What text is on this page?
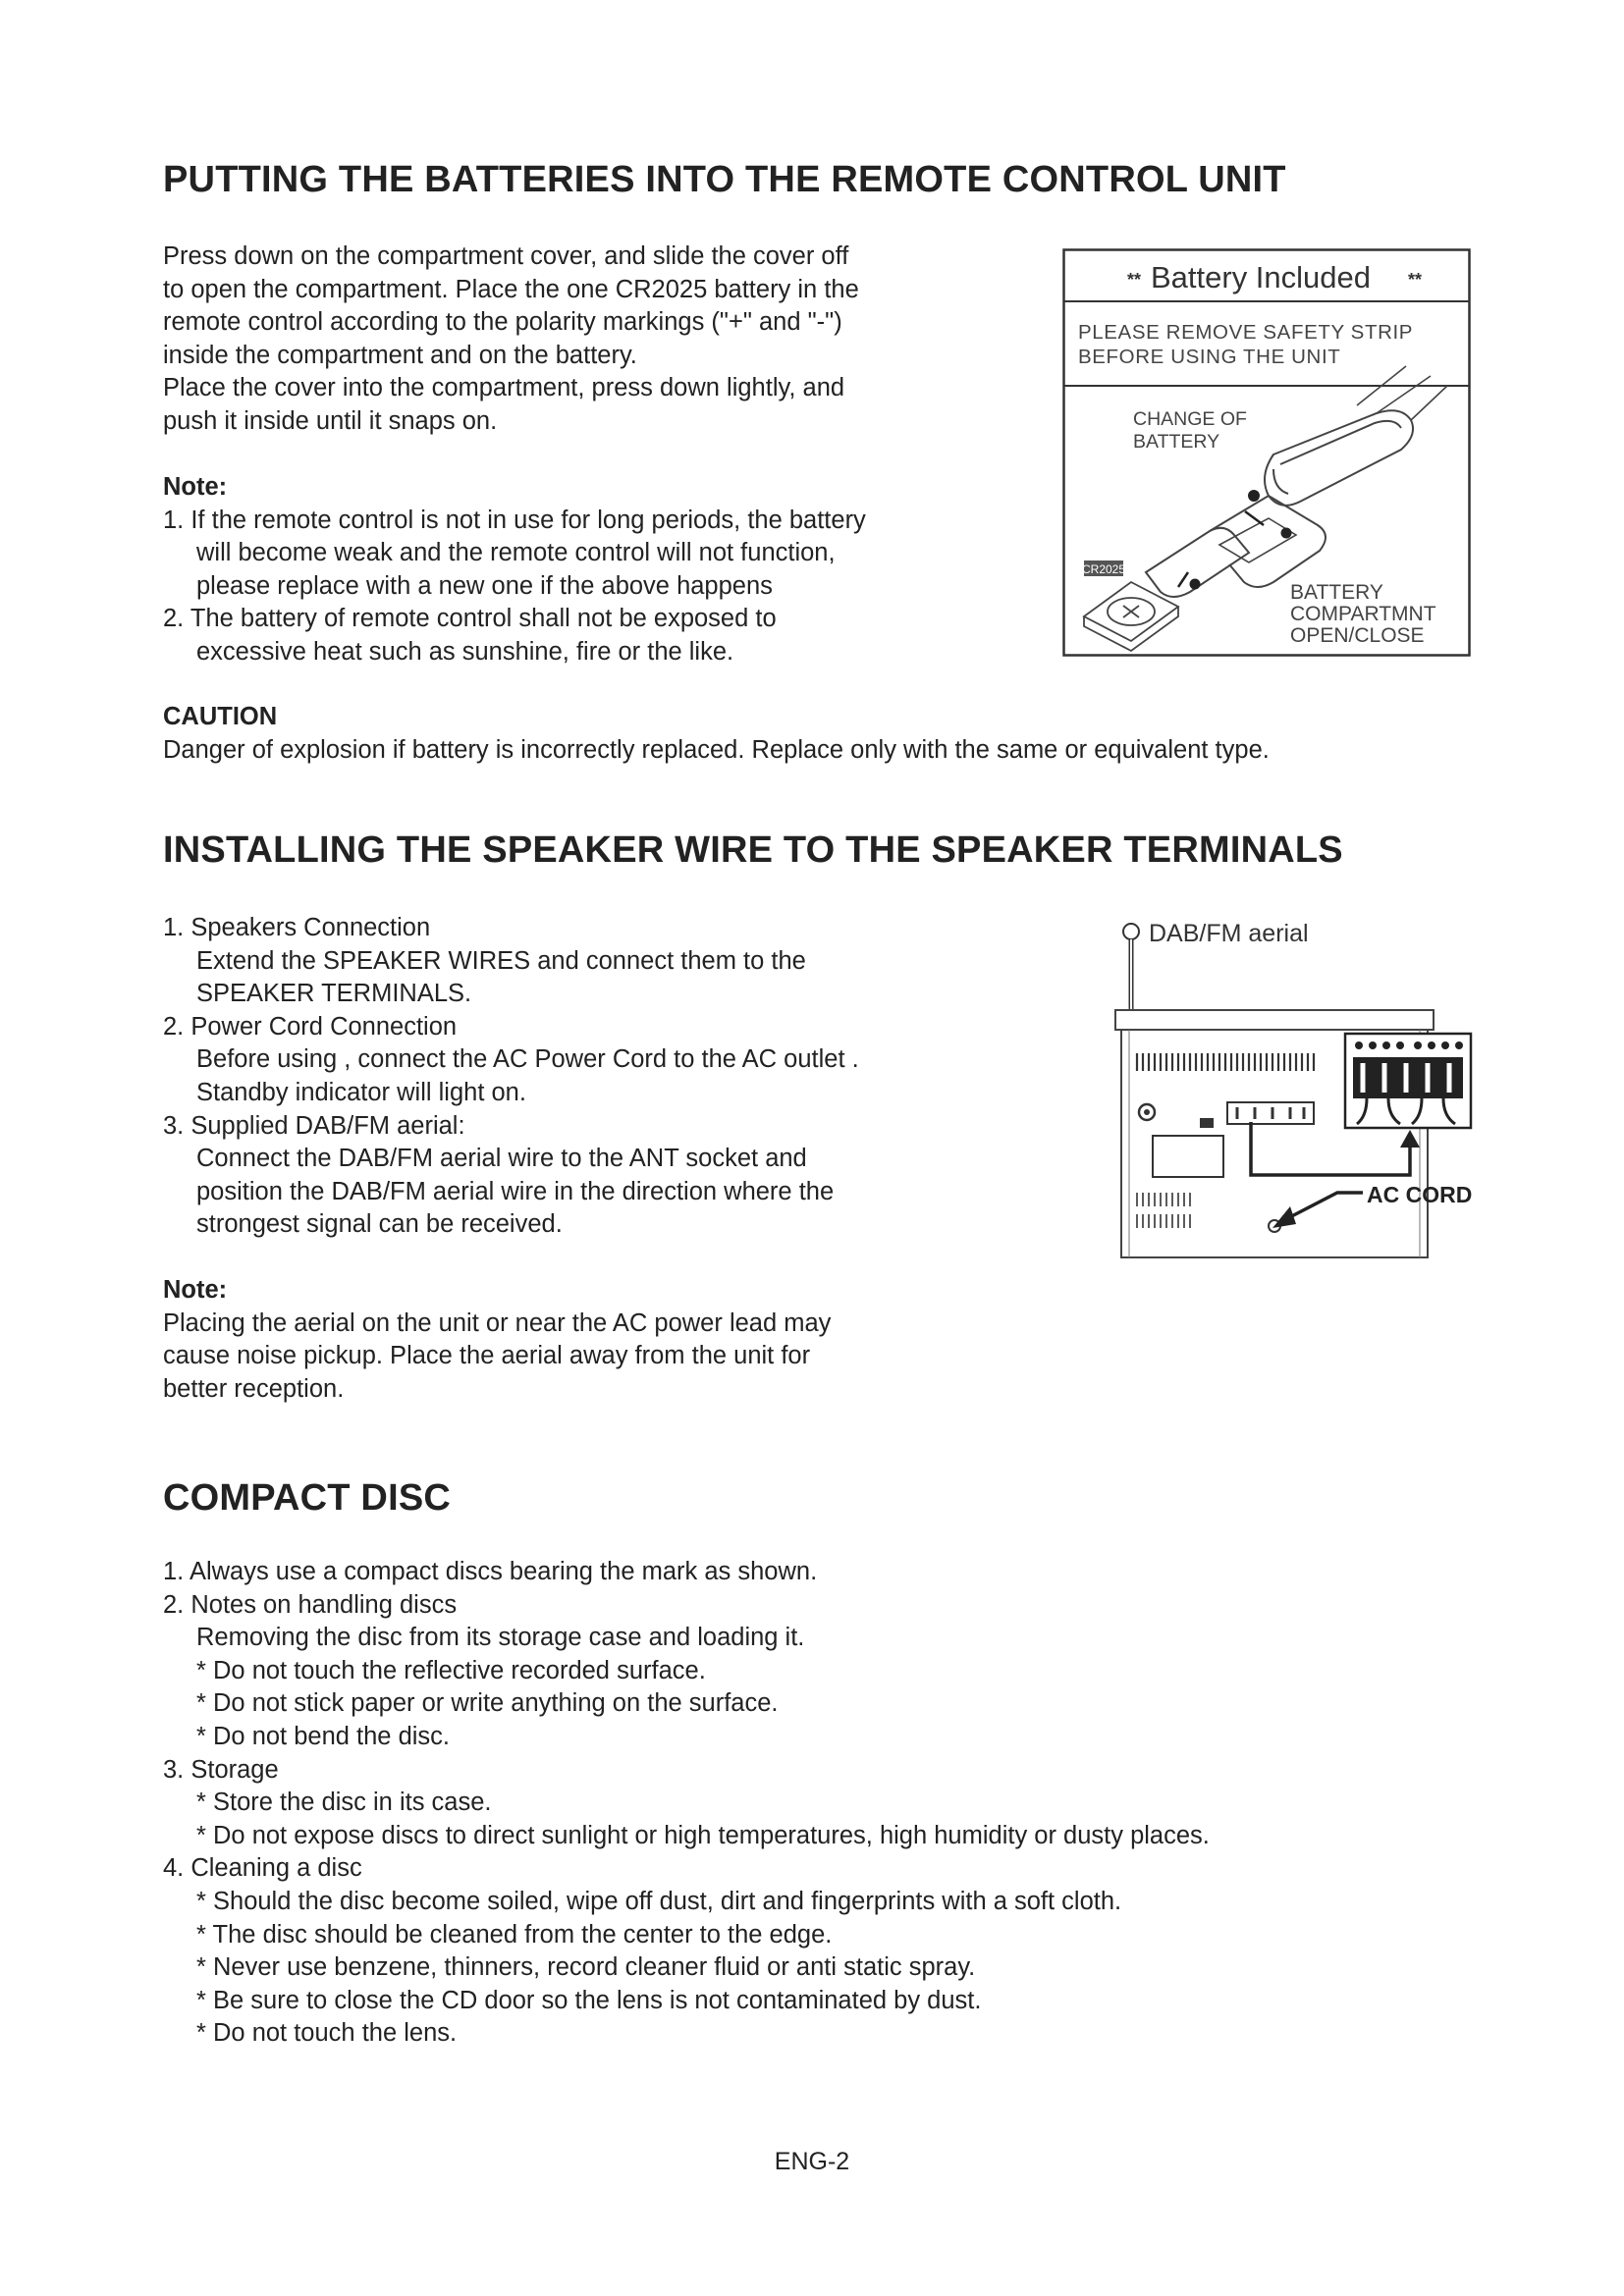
PUTTING THE BATTERIES INTO THE REMOTE CONTROL UNIT

Press down on the compartment cover, and slide the cover off

to open the compartment. Place the one CR2025 battery in the

remote control according to the polarity markings ("+" and "-")

inside the compartment and on the battery.

Place the cover into the compartment, press down lightly, and

push it inside until it snaps on.

Note:

1. If the remote control is not in use for long periods, the battery

will become weak and the remote control will not function,

please replace with a new one if the above happens

2. The battery of remote control shall not be exposed to

excessive heat such as sunshine, fire or the like.

CAUTION

Danger of explosion if battery is incorrectly replaced. Replace only with the same or equivalent type.

** Battery Included **
PLEASE REMOVE SAFETY STRIP
BEFORE USING THE UNIT
CHANGE OF
BATTERY
CR2025
BATTERY
COMPARTMNT
OPEN/CLOSE
INSTALLING THE SPEAKER WIRE TO THE SPEAKER TERMINALS

1. Speakers Connection

Extend the SPEAKER WIRES and connect them to the

SPEAKER TERMINALS.

2. Power Cord Connection

Before using , connect the AC Power Cord to the AC outlet .

Standby indicator will light on.

3. Supplied DAB/FM aerial:

Connect the DAB/FM aerial wire to the ANT socket and

position the DAB/FM aerial wire in the direction where the

strongest signal can be received.

Note:

Placing the aerial on the unit or near the AC power lead may

cause noise pickup. Place the aerial away from the unit for

better reception.

DAB/FM aerial
AC CORD
COMPACT DISC

1. Always use a compact discs bearing the mark as shown.

2. Notes on handling discs

Removing the disc from its storage case and loading it.

* Do not touch the reflective recorded surface.

* Do not stick paper or write anything on the surface.

* Do not bend the disc.

3. Storage

* Store the disc in its case.

* Do not expose discs to direct sunlight or high temperatures, high humidity or dusty places.

4. Cleaning a disc

* Should the disc become soiled, wipe off dust, dirt and fingerprints with a soft cloth.

* The disc should be cleaned from the center to the edge.

* Never use benzene, thinners, record cleaner fluid or anti static spray.

* Be sure to close the CD door so the lens is not contaminated by dust.

* Do not touch the lens.

ENG-2
